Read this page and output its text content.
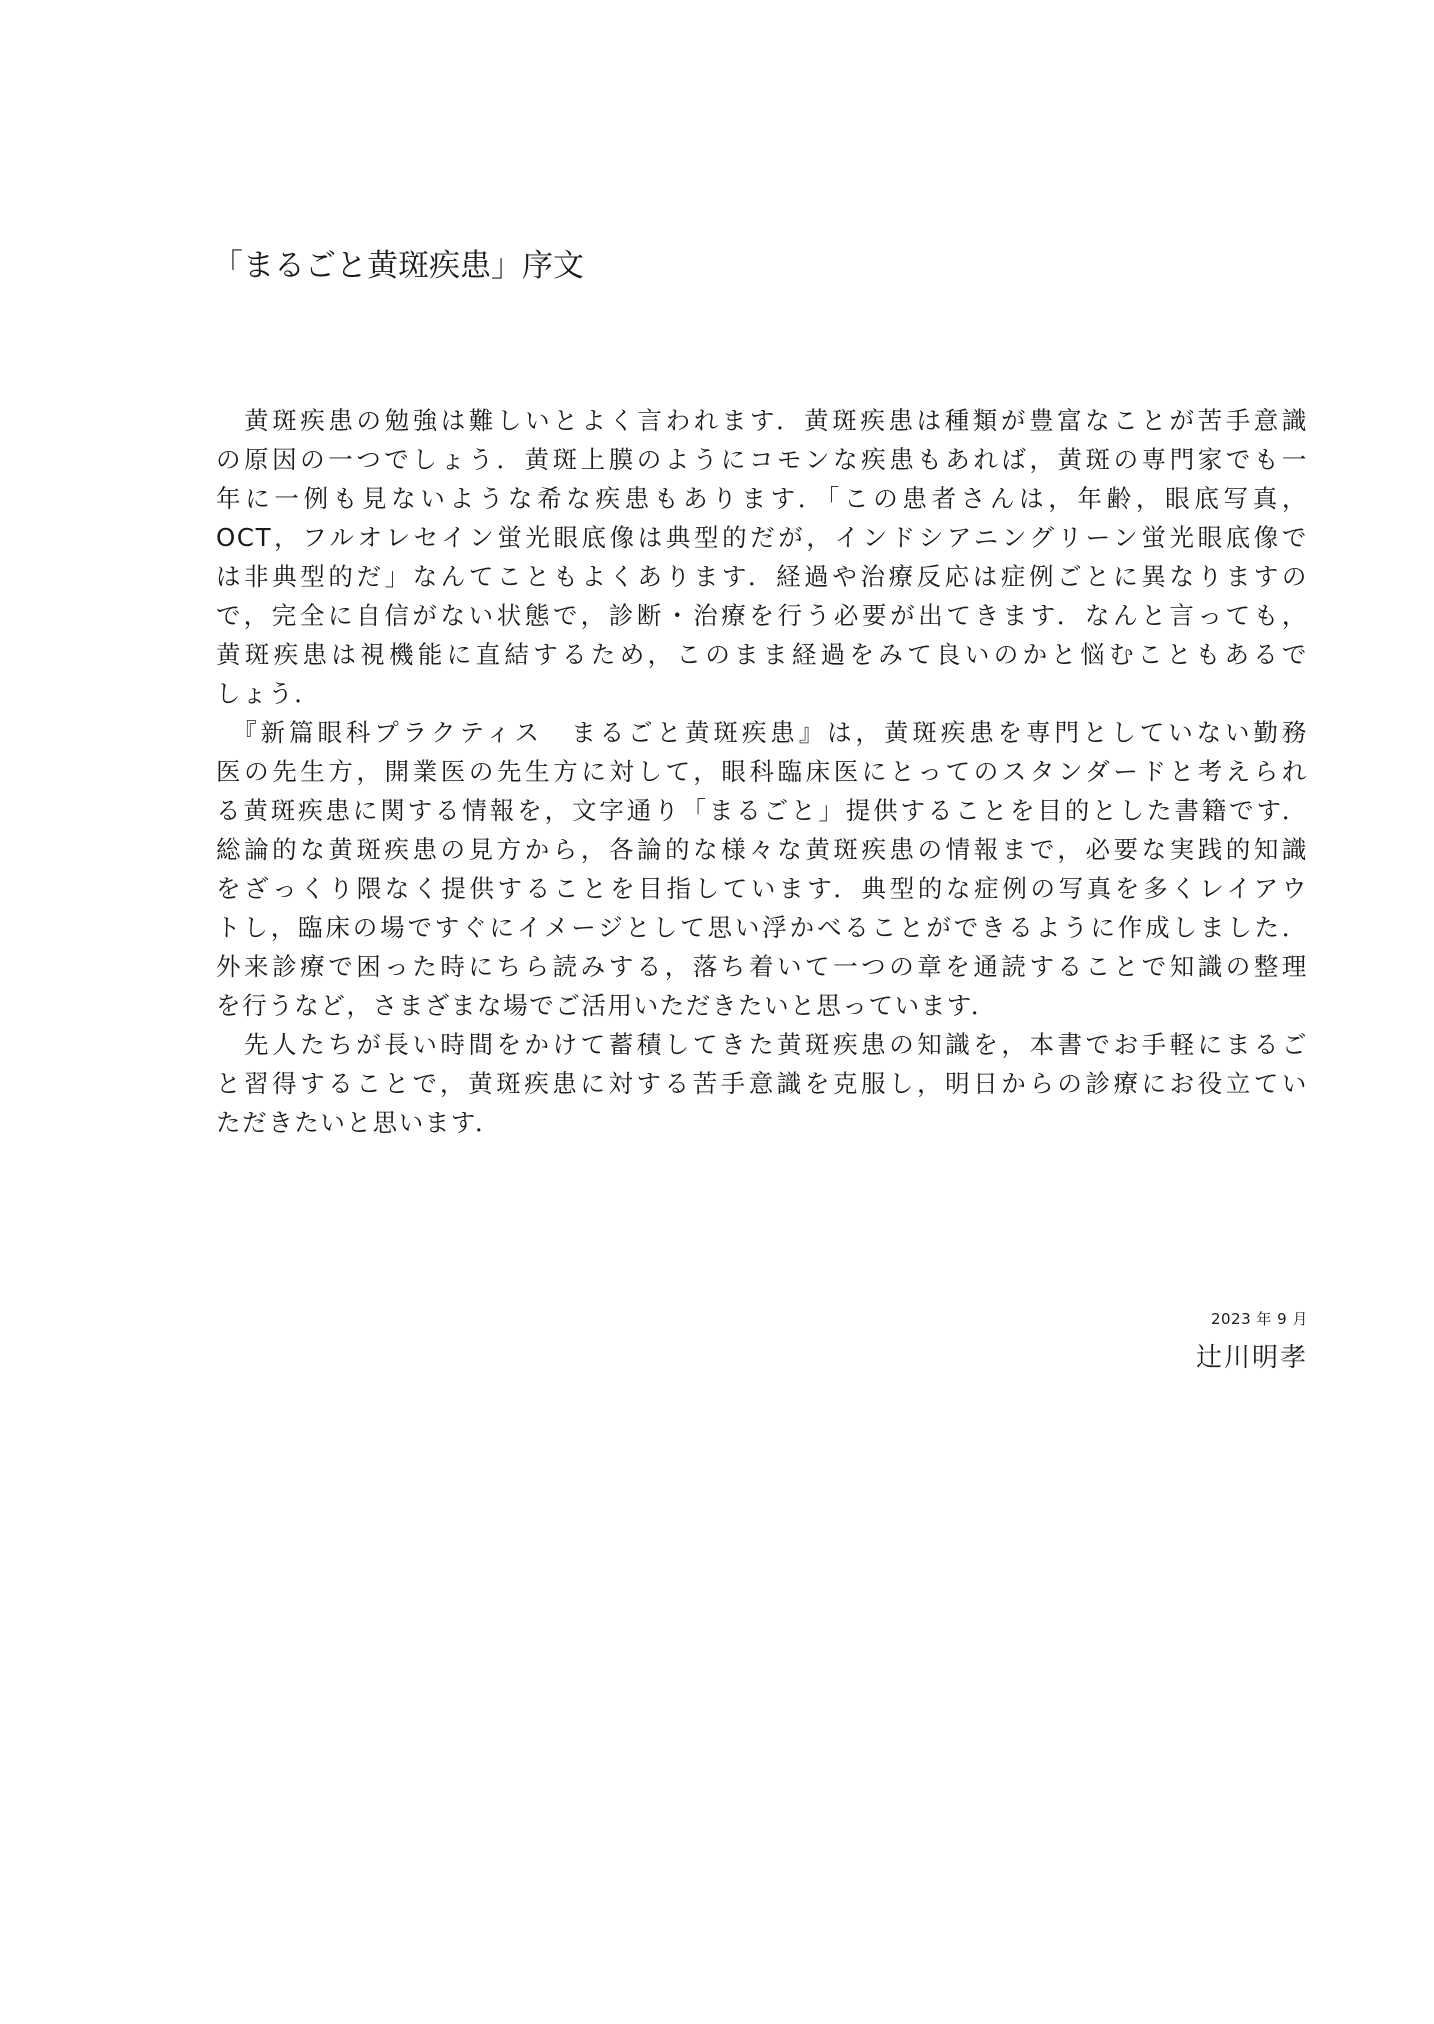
「まるごと黄斑疾患」序文
　黄斑疾患の勉強は難しいとよく言われます．黄斑疾患は種類が豊富なことが苦手意識
の原因の一つでしょう．黄斑上膜のようにコモンな疾患もあれば，黄斑の専門家でも一
年に一例も見ないような希な疾患もあります．「この患者さんは，年齢，眼底写真，
OCT，フルオレセイン蛍光眼底像は典型的だが，インドシアニングリーン蛍光眼底像で
は非典型的だ」なんてこともよくあります．経過や治療反応は症例ごとに異なりますの
で，完全に自信がない状態で，診断・治療を行う必要が出てきます．なんと言っても，
黄斑疾患は視機能に直結するため，このまま経過をみて良いのかと悩むこともあるで
しょう．
　『新篇眼科プラクティス　まるごと黄斑疾患』は，黄斑疾患を専門としていない勤務
医の先生方，開業医の先生方に対して，眼科臨床医にとってのスタンダードと考えられ
る黄斑疾患に関する情報を，文字通り「まるごと」提供することを目的とした書籍です．
総論的な黄斑疾患の見方から，各論的な様々な黄斑疾患の情報まで，必要な実践的知識
をざっくり隈なく提供することを目指しています．典型的な症例の写真を多くレイアウ
トし，臨床の場ですぐにイメージとして思い浮かべることができるように作成しました．
外来診療で困った時にちら読みする，落ち着いて一つの章を通読することで知識の整理
を行うなど，さまざまな場でご活用いただきたいと思っています．
　先人たちが長い時間をかけて蓄積してきた黄斑疾患の知識を，本書でお手軽にまるご
と習得することで，黄斑疾患に対する苦手意識を克服し，明日からの診療にお役立てい
ただきたいと思います．
2023 年 9 月
辻川明孝
